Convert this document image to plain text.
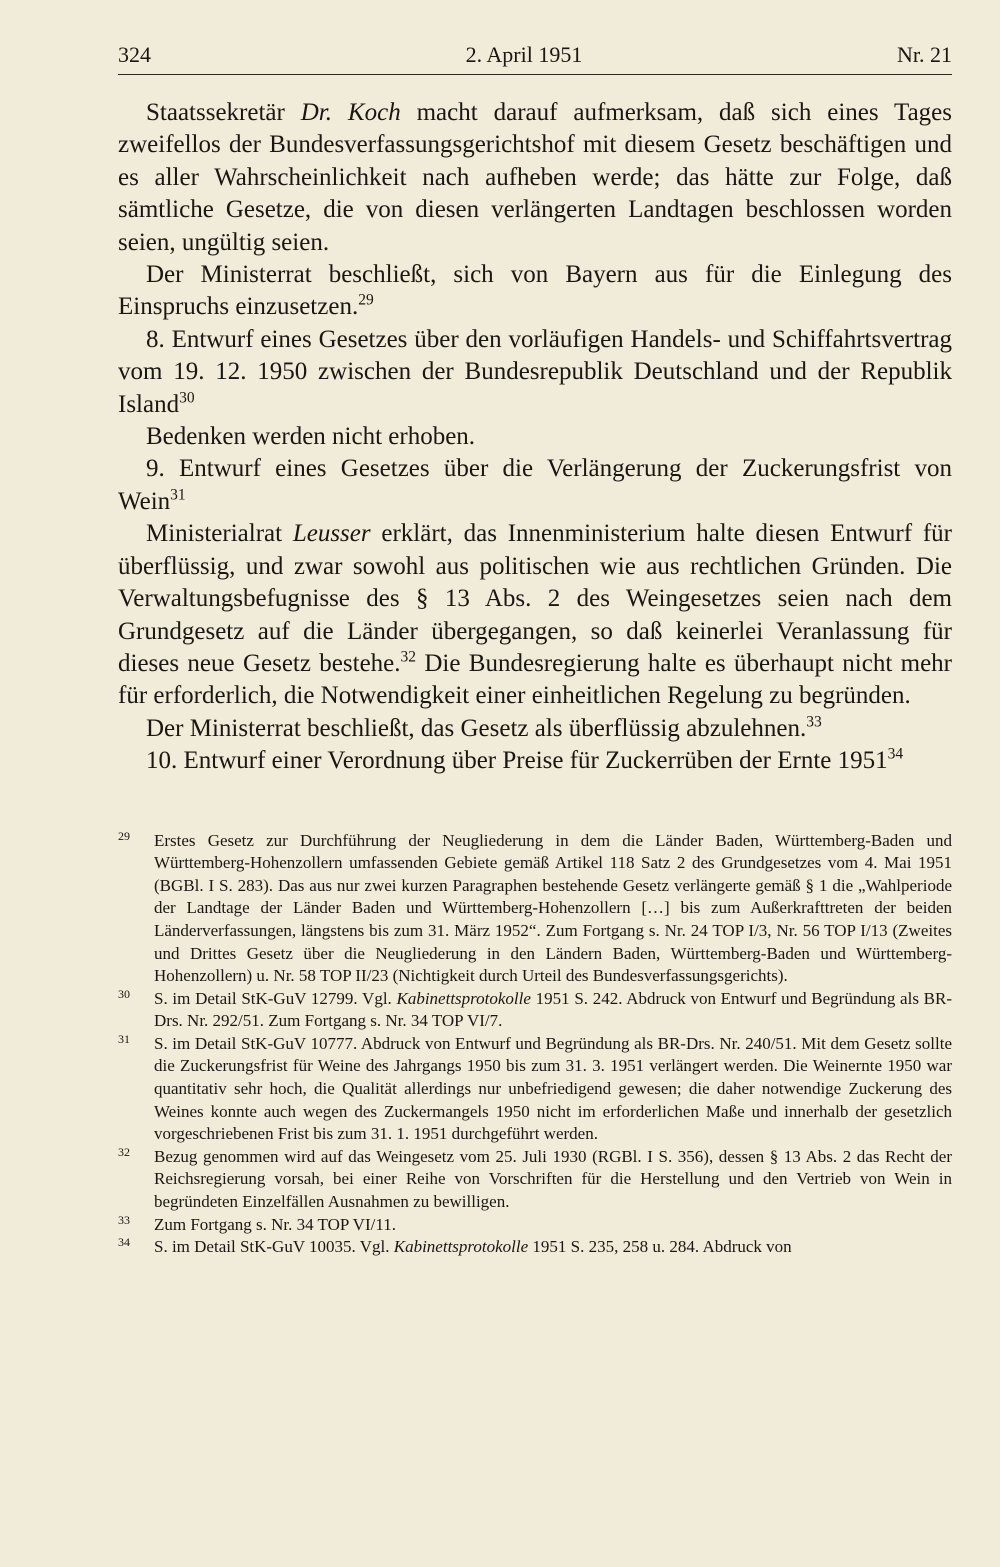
324	2. April 1951	Nr. 21

Staatssekretär Dr. Koch macht darauf aufmerksam, daß sich eines Tages zweifellos der Bundesverfassungsgerichtshof mit diesem Gesetz beschäftigen und es aller Wahrscheinlichkeit nach aufheben werde; das hätte zur Folge, daß sämtliche Gesetze, die von diesen verlängerten Landtagen beschlossen worden seien, ungültig seien.

Der Ministerrat beschließt, sich von Bayern aus für die Einlegung des Einspruchs einzusetzen.$^{29}$

8. Entwurf eines Gesetzes über den vorläufigen Handels- und Schiffahrtsvertrag vom 19. 12. 1950 zwischen der Bundesrepublik Deutschland und der Republik Island$^{30}$

Bedenken werden nicht erhoben.

9. Entwurf eines Gesetzes über die Verlängerung der Zuckerungsfrist von Wein$^{31}$

Ministerialrat Leusser erklärt, das Innenministerium halte diesen Entwurf für überflüssig, und zwar sowohl aus politischen wie aus rechtlichen Gründen. Die Verwaltungsbefugnisse des § 13 Abs. 2 des Weingesetzes seien nach dem Grundgesetz auf die Länder übergegangen, so daß keinerlei Veranlassung für dieses neue Gesetz bestehe.$^{32}$ Die Bundesregierung halte es überhaupt nicht mehr für erforderlich, die Notwendigkeit einer einheitlichen Regelung zu begründen.

Der Ministerrat beschließt, das Gesetz als überflüssig abzulehnen.$^{33}$

10. Entwurf einer Verordnung über Preise für Zuckerrüben der Ernte 1951$^{34}$

29	Erstes Gesetz zur Durchführung der Neugliederung in dem die Länder Baden, Württemberg-Baden und Württemberg-Hohenzollern umfassenden Gebiete gemäß Artikel 118 Satz 2 des Grundgesetzes vom 4. Mai 1951 (BGBl. I S. 283). Das aus nur zwei kurzen Paragraphen bestehende Gesetz verlängerte gemäß § 1 die „Wahlperiode der Landtage der Länder Baden und Württemberg-Hohenzollern […] bis zum Außerkrafttreten der beiden Länderverfassungen, längstens bis zum 31. März 1952“. Zum Fortgang s. Nr. 24 TOP I/3, Nr. 56 TOP I/13 (Zweites und Drittes Gesetz über die Neugliederung in den Ländern Baden, Württemberg-Baden und Württemberg-Hohenzollern) u. Nr. 58 TOP II/23 (Nichtigkeit durch Urteil des Bundesverfassungsgerichts).
30	S. im Detail StK-GuV 12799. Vgl. Kabinettsprotokolle 1951 S. 242. Abdruck von Entwurf und Begründung als BR-Drs. Nr. 292/51. Zum Fortgang s. Nr. 34 TOP VI/7.
31	S. im Detail StK-GuV 10777. Abdruck von Entwurf und Begründung als BR-Drs. Nr. 240/51. Mit dem Gesetz sollte die Zuckerungsfrist für Weine des Jahrgangs 1950 bis zum 31. 3. 1951 verlängert werden. Die Weinernte 1950 war quantitativ sehr hoch, die Qualität allerdings nur unbefriedigend gewesen; die daher notwendige Zuckerung des Weines konnte auch wegen des Zuckermangels 1950 nicht im erforderlichen Maße und innerhalb der gesetzlich vorgeschriebenen Frist bis zum 31. 1. 1951 durchgeführt werden.
32	Bezug genommen wird auf das Weingesetz vom 25. Juli 1930 (RGBl. I S. 356), dessen § 13 Abs. 2 das Recht der Reichsregierung vorsah, bei einer Reihe von Vorschriften für die Herstellung und den Vertrieb von Wein in begründeten Einzelfällen Ausnahmen zu bewilligen.
33	Zum Fortgang s. Nr. 34 TOP VI/11.
34	S. im Detail StK-GuV 10035. Vgl. Kabinettsprotokolle 1951 S. 235, 258 u. 284. Abdruck von
